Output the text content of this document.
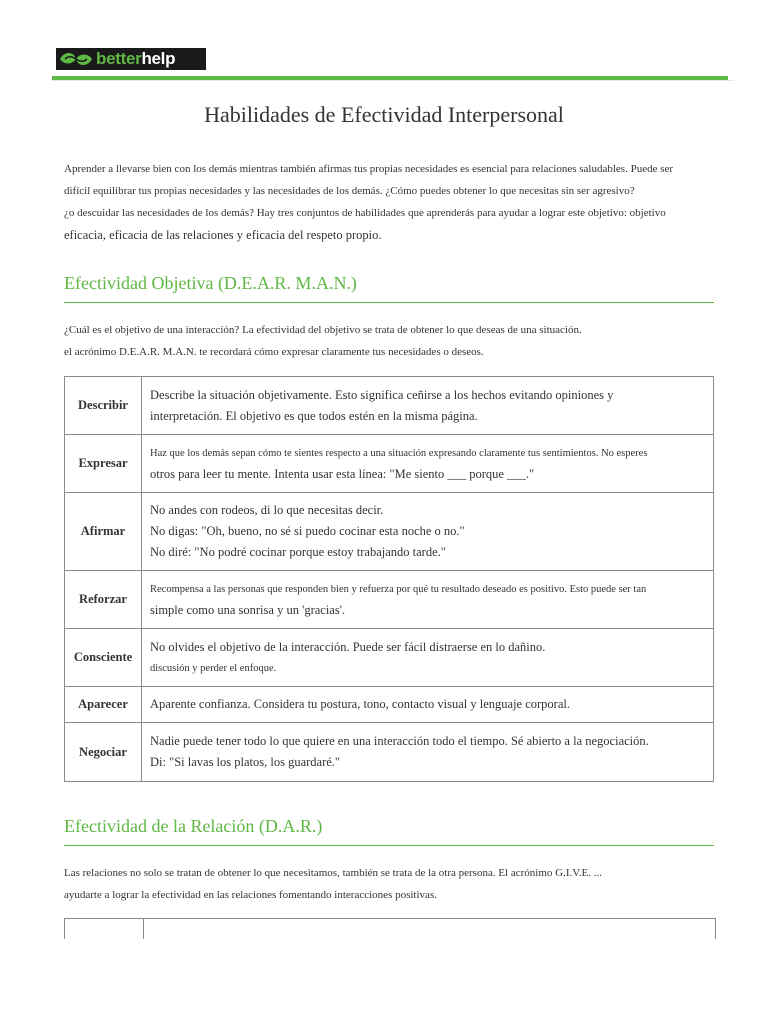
better help
Habilidades de Efectividad Interpersonal
Aprender a llevarse bien con los demás mientras también afirmas tus propias necesidades es esencial para relaciones saludables. Puede ser
difícil equilibrar tus propias necesidades y las necesidades de los demás. ¿Cómo puedes obtener lo que necesitas sin ser agresivo?
¿o descuidar las necesidades de los demás? Hay tres conjuntos de habilidades que aprenderás para ayudar a lograr este objetivo: objetivo
eficacia, eficacia de las relaciones y eficacia del respeto propio.
Efectividad Objetiva (D.E.A.R. M.A.N.)
¿Cuál es el objetivo de una interacción? La efectividad del objetivo se trata de obtener lo que deseas de una situación.
el acrónimo D.E.A.R. M.A.N. te recordará cómo expresar claramente tus necesidades o deseos.
Describir	Describe la situación objetivamente. Esto significa ceñirse a los hechos evitando opiniones y
interpretación. El objetivo es que todos estén en la misma página.

Expresar	Haz que los demás sepan cómo te sientes respecto a una situación expresando claramente tus sentimientos. No esperes
otros para leer tu mente. Intenta usar esta línea: "Me siento ___ porque ___."

Afirmar	No andes con rodeos, di lo que necesitas decir.
No digas: "Oh, bueno, no sé si puedo cocinar esta noche o no."
No diré: "No podré cocinar porque estoy trabajando tarde."

Reforzar	Recompensa a las personas que responden bien y refuerza por qué tu resultado deseado es positivo. Esto puede ser tan
simple como una sonrisa y un 'gracias'.

Consciente	No olvides el objetivo de la interacción. Puede ser fácil distraerse en lo dañino.
discusión y perder el enfoque.

Aparecer	Aparente confianza. Considera tu postura, tono, contacto visual y lenguaje corporal.

Negociar	Nadie puede tener todo lo que quiere en una interacción todo el tiempo. Sé abierto a la negociación.
Di: "Si lavas los platos, los guardaré."
Efectividad de la Relación (D.A.R.)
Las relaciones no solo se tratan de obtener lo que necesitamos, también se trata de la otra persona. El acrónimo G.I.V.E. ...
ayudarte a lograr la efectividad en las relaciones fomentando interacciones positivas.
